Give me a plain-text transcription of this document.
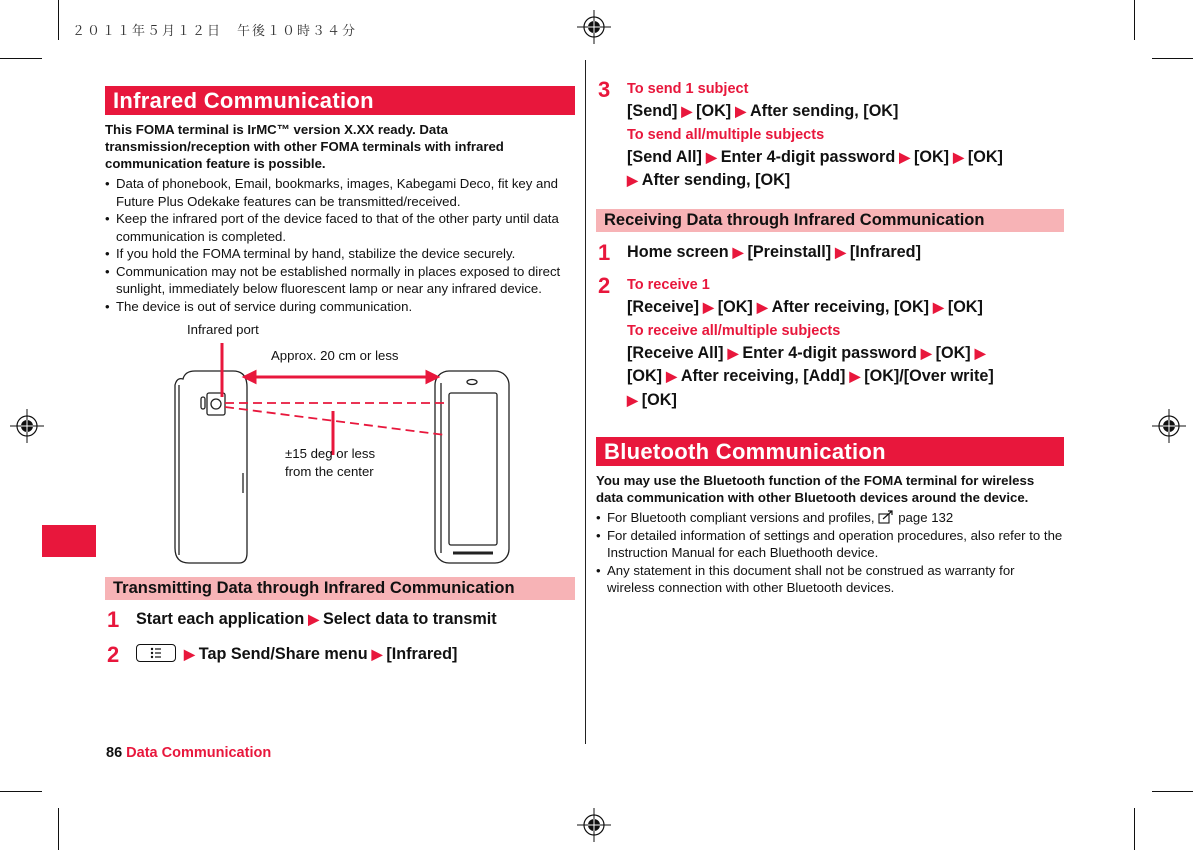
２０１１年５月１２日　午後１０時３４分
Infrared Communication

This FOMA terminal is IrMC™ version X.XX ready. Data transmission/reception with other FOMA terminals with infrared communication feature is possible.

• Data of phonebook, Email, bookmarks, images, Kabegami Deco, fit key and Future Plus Odekake features can be transmitted/received.
• Keep the infrared port of the device faced to that of the other party until data communication is completed.
• If you hold the FOMA terminal by hand, stabilize the device securely.
• Communication may not be established normally in places exposed to direct sunlight, immediately below fluorescent lamp or near any infrared device.
• The device is out of service during communication.
Infrared port
Approx. 20 cm or less
±15 deg or less
from the center
Transmitting Data through Infrared Communication
1 Start each application ▶ Select data to transmit
2	▶ Tap Send/Share menu ▶ [Infrared]
3 To send 1 subject
[Send] ▶ [OK] ▶ After sending, [OK]
To send all/multiple subjects
[Send All] ▶ Enter 4-digit password ▶ [OK] ▶ [OK]
▶ After sending, [OK]
Receiving Data through Infrared Communication
1 Home screen ▶ [Preinstall] ▶ [Infrared]
2 To receive 1
[Receive] ▶ [OK] ▶ After receiving, [OK] ▶ [OK]
To receive all/multiple subjects
[Receive All] ▶ Enter 4-digit password ▶ [OK] ▶
[OK] ▶ After receiving, [Add] ▶ [OK]/[Over write]
▶ [OK]
Bluetooth Communication

You may use the Bluetooth function of the FOMA terminal for wireless data communication with other Bluetooth devices around the device.

• For Bluetooth compliant versions and profiles, page 132
• For detailed information of settings and operation procedures, also refer to the Instruction Manual for each Bluethooth device.
• Any statement in this document shall not be construed as warranty for wireless connection with other Bluetooth devices.
86 Data Communication
